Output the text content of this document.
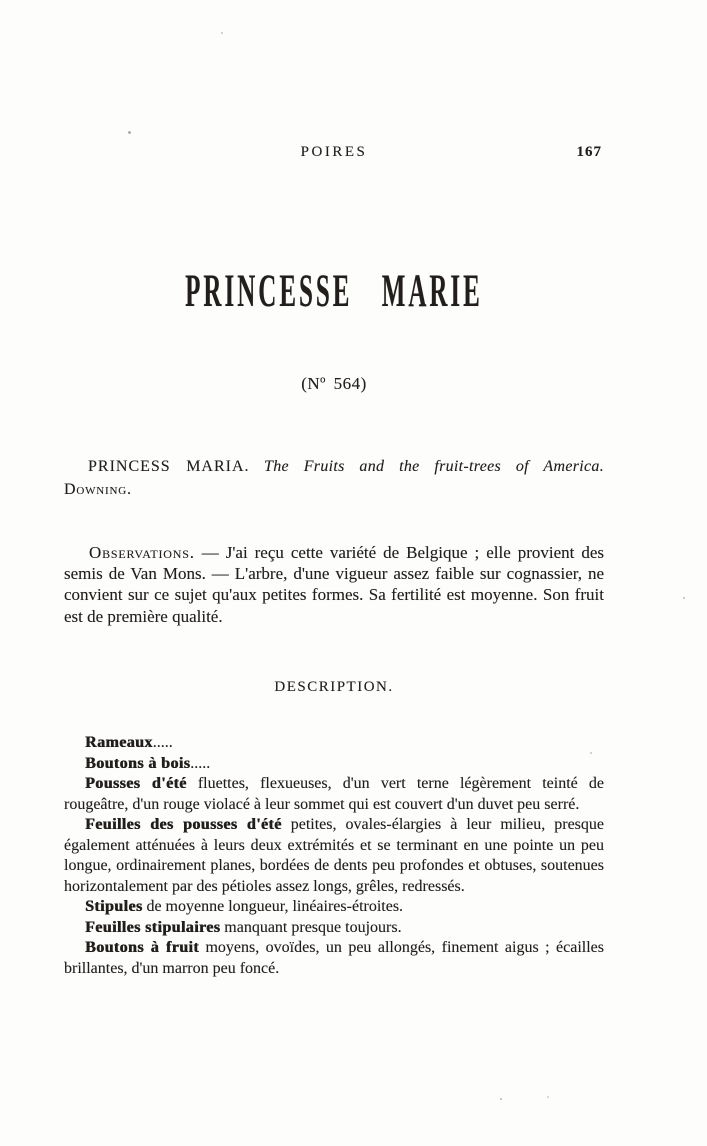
POIRES	167
PRINCESSE MARIE
(Nº 564)
PRINCESS MARIA. The Fruits and the fruit-trees of America.
Downing.
Observations. — J'ai reçu cette variété de Belgique ; elle provient des semis de Van Mons. — L'arbre, d'une vigueur assez faible sur cognassier, ne convient sur ce sujet qu'aux petites formes. Sa fertilité est moyenne. Son fruit est de première qualité.
DESCRIPTION.

Rameaux.....

Boutons à bois.....

Pousses d'été fluettes, flexueuses, d'un vert terne légèrement teinté de rougeâtre, d'un rouge violacé à leur sommet qui est couvert d'un duvet peu serré.

Feuilles des pousses d'été petites, ovales-élargies à leur milieu, presque également atténuées à leurs deux extrémités et se terminant en une pointe un peu longue, ordinairement planes, bordées de dents peu profondes et obtuses, soutenues horizontalement par des pétioles assez longs, grêles, redressés.

Stipules de moyenne longueur, linéaires-étroites.

Feuilles stipulaires manquant presque toujours.

Boutons à fruit moyens, ovoïdes, un peu allongés, finement aigus ; écailles brillantes, d'un marron peu foncé.
